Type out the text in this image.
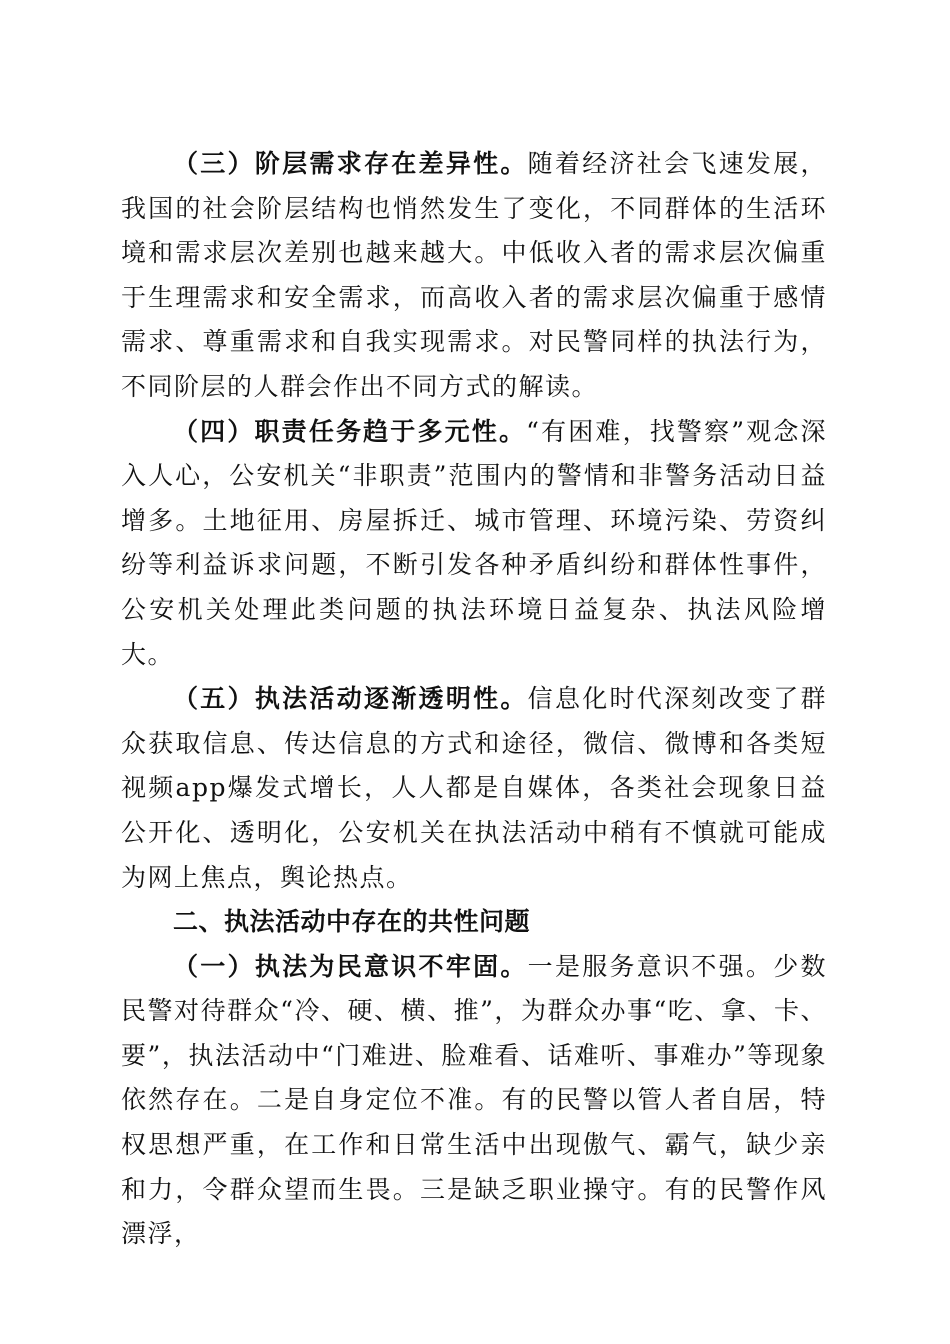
（三）阶层需求存在差异性。随着经济社会飞速发展，我国的社会阶层结构也悄然发生了变化，不同群体的生活环境和需求层次差别也越来越大。中低收入者的需求层次偏重于生理需求和安全需求，而高收入者的需求层次偏重于感情需求、尊重需求和自我实现需求。对民警同样的执法行为，不同阶层的人群会作出不同方式的解读。

（四）职责任务趋于多元性。“有困难，找警察”观念深入人心，公安机关“非职责”范围内的警情和非警务活动日益增多。土地征用、房屋拆迁、城市管理、环境污染、劳资纠纷等利益诉求问题，不断引发各种矛盾纠纷和群体性事件，公安机关处理此类问题的执法环境日益复杂、执法风险增大。

（五）执法活动逐渐透明性。信息化时代深刻改变了群众获取信息、传达信息的方式和途径，微信、微博和各类短视频app爆发式增长，人人都是自媒体，各类社会现象日益公开化、透明化，公安机关在执法活动中稍有不慎就可能成为网上焦点，舆论热点。

二、执法活动中存在的共性问题

（一）执法为民意识不牢固。一是服务意识不强。少数民警对待群众“冷、硬、横、推”，为群众办事“吃、拿、卡、要”，执法活动中“门难进、脸难看、话难听、事难办”等现象依然存在。二是自身定位不准。有的民警以管人者自居，特权思想严重，在工作和日常生活中出现傲气、霸气，缺少亲和力，令群众望而生畏。三是缺乏职业操守。有的民警作风漂浮，
